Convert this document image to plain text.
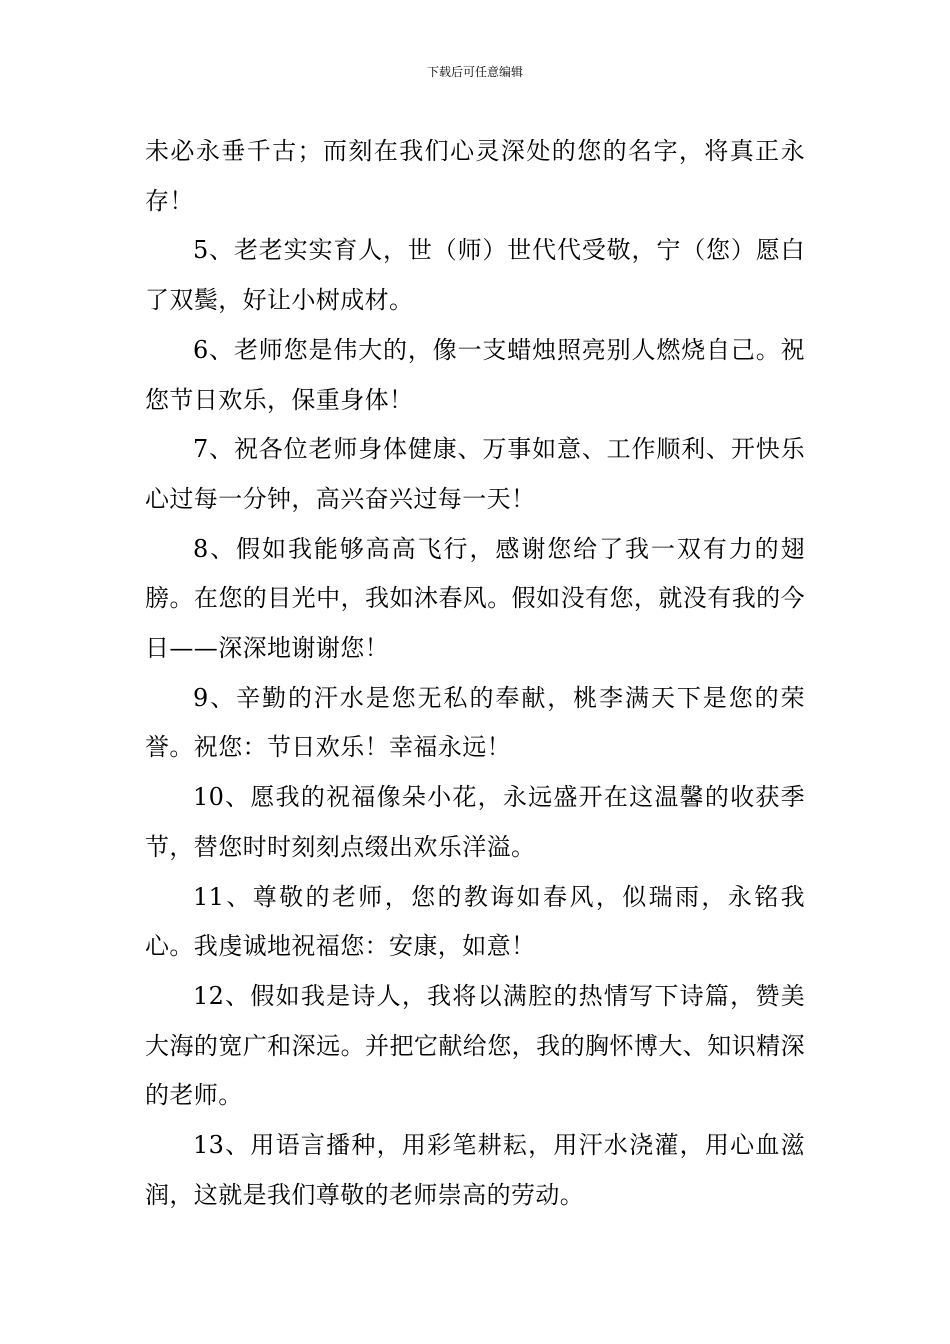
下载后可任意编辑

未必永垂千古；而刻在我们心灵深处的您的名字，将真正永存！

5、老老实实育人，世（师）世代代受敬，宁（您）愿白了双鬓，好让小树成材。

6、老师您是伟大的，像一支蜡烛照亮别人燃烧自己。祝您节日欢乐，保重身体！

7、祝各位老师身体健康、万事如意、工作顺利、开快乐心过每一分钟，高兴奋兴过每一天！

8、假如我能够高高飞行，感谢您给了我一双有力的翅膀。在您的目光中，我如沐春风。假如没有您，就没有我的今日——深深地谢谢您！

9、辛勤的汗水是您无私的奉献，桃李满天下是您的荣誉。祝您：节日欢乐！幸福永远！

10、愿我的祝福像朵小花，永远盛开在这温馨的收获季节，替您时时刻刻点缀出欢乐洋溢。

11、尊敬的老师，您的教诲如春风，似瑞雨，永铭我心。我虔诚地祝福您：安康，如意！

12、假如我是诗人，我将以满腔的热情写下诗篇，赞美大海的宽广和深远。并把它献给您，我的胸怀博大、知识精深的老师。

13、用语言播种，用彩笔耕耘，用汗水浇灌，用心血滋润，这就是我们尊敬的老师崇高的劳动。
